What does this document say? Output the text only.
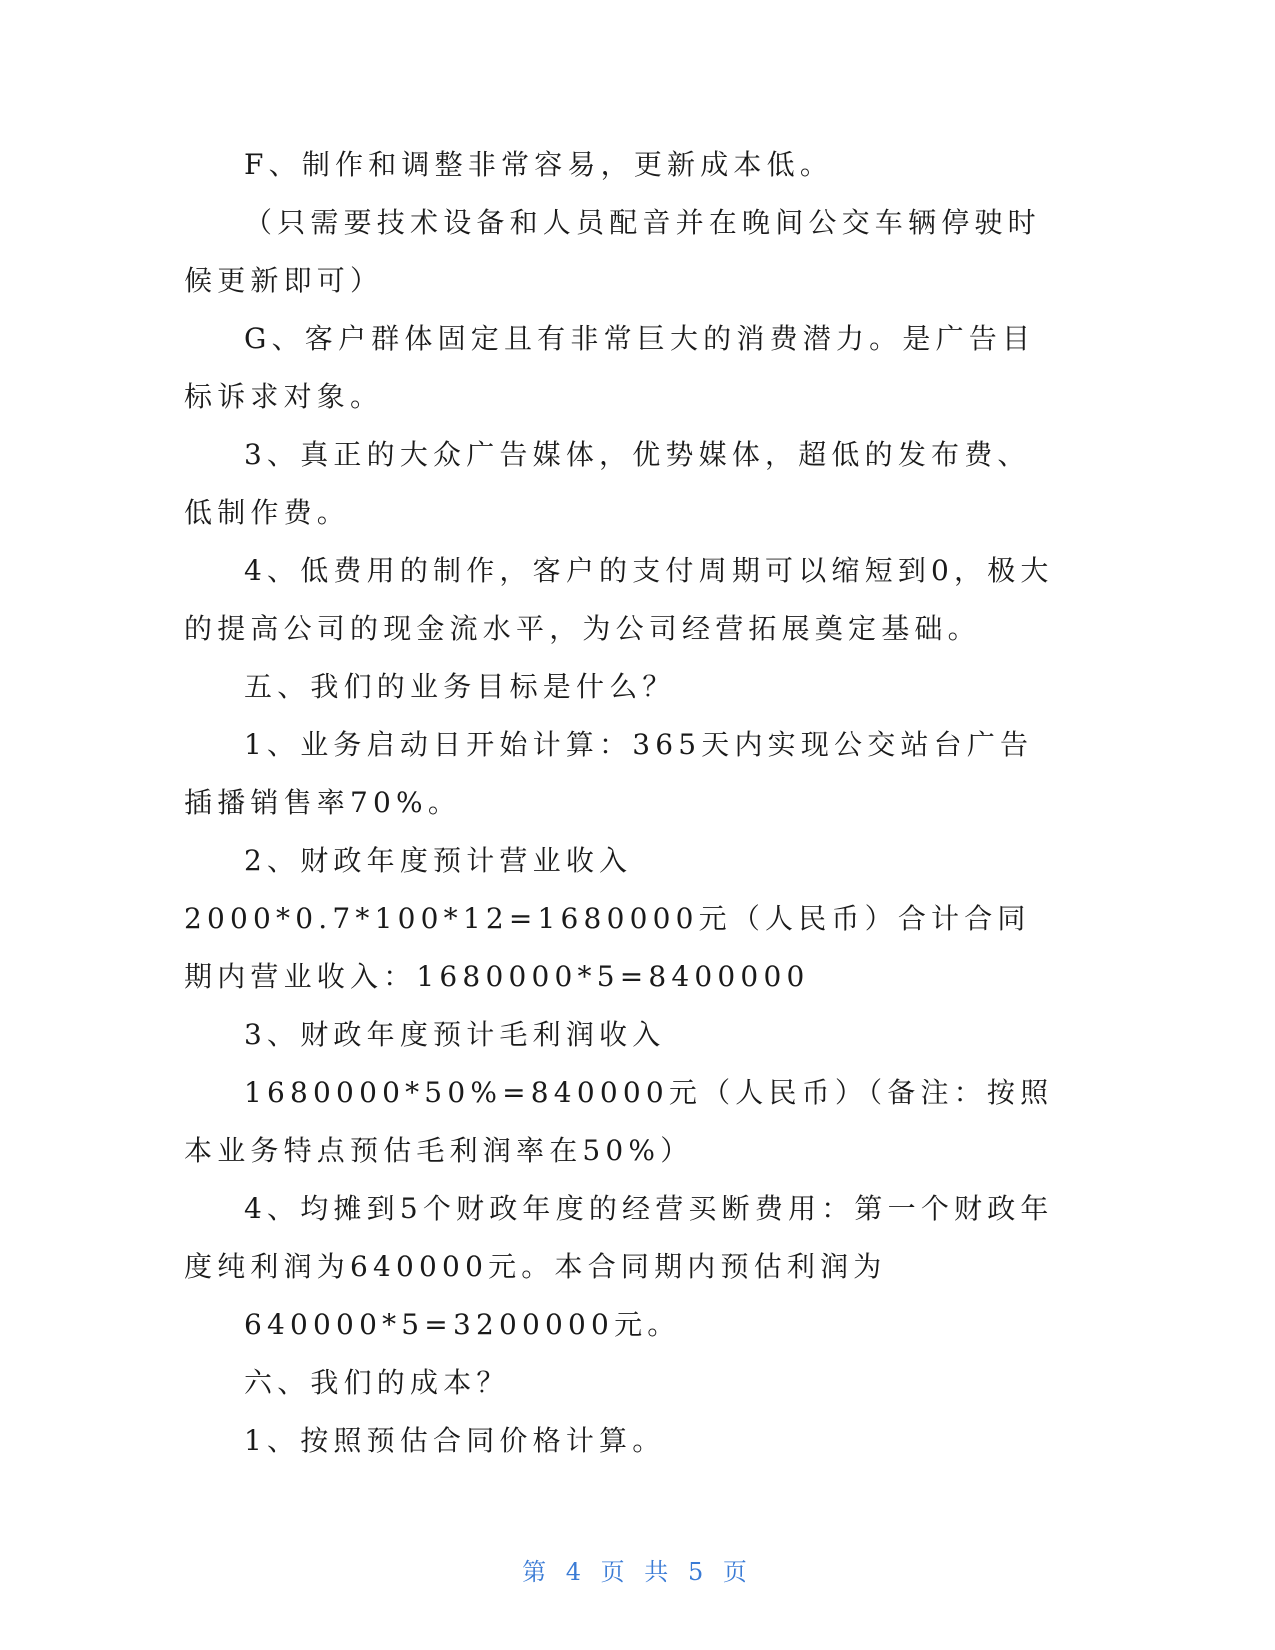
F、制作和调整非常容易，更新成本低。

（只需要技术设备和人员配音并在晚间公交车辆停驶时候更新即可）

G、客户群体固定且有非常巨大的消费潜力。是广告目标诉求对象。

3、真正的大众广告媒体，优势媒体，超低的发布费、低制作费。

4、低费用的制作，客户的支付周期可以缩短到0，极大的提高公司的现金流水平，为公司经营拓展奠定基础。

五、我们的业务目标是什么？

1、业务启动日开始计算：365天内实现公交站台广告插播销售率70%。

2、财政年度预计营业收入2000*0.7*100*12=1680000元（人民币）合计合同期内营业收入：1680000*5=8400000

3、财政年度预计毛利润收入

1680000*50%=840000元（人民币）（备注：按照本业务特点预估毛利润率在50%）

4、均摊到5个财政年度的经营买断费用：第一个财政年度纯利润为640000元。本合同期内预估利润为

640000*5=3200000元。

六、我们的成本？

1、按照预估合同价格计算。

第 4 页 共 5 页
